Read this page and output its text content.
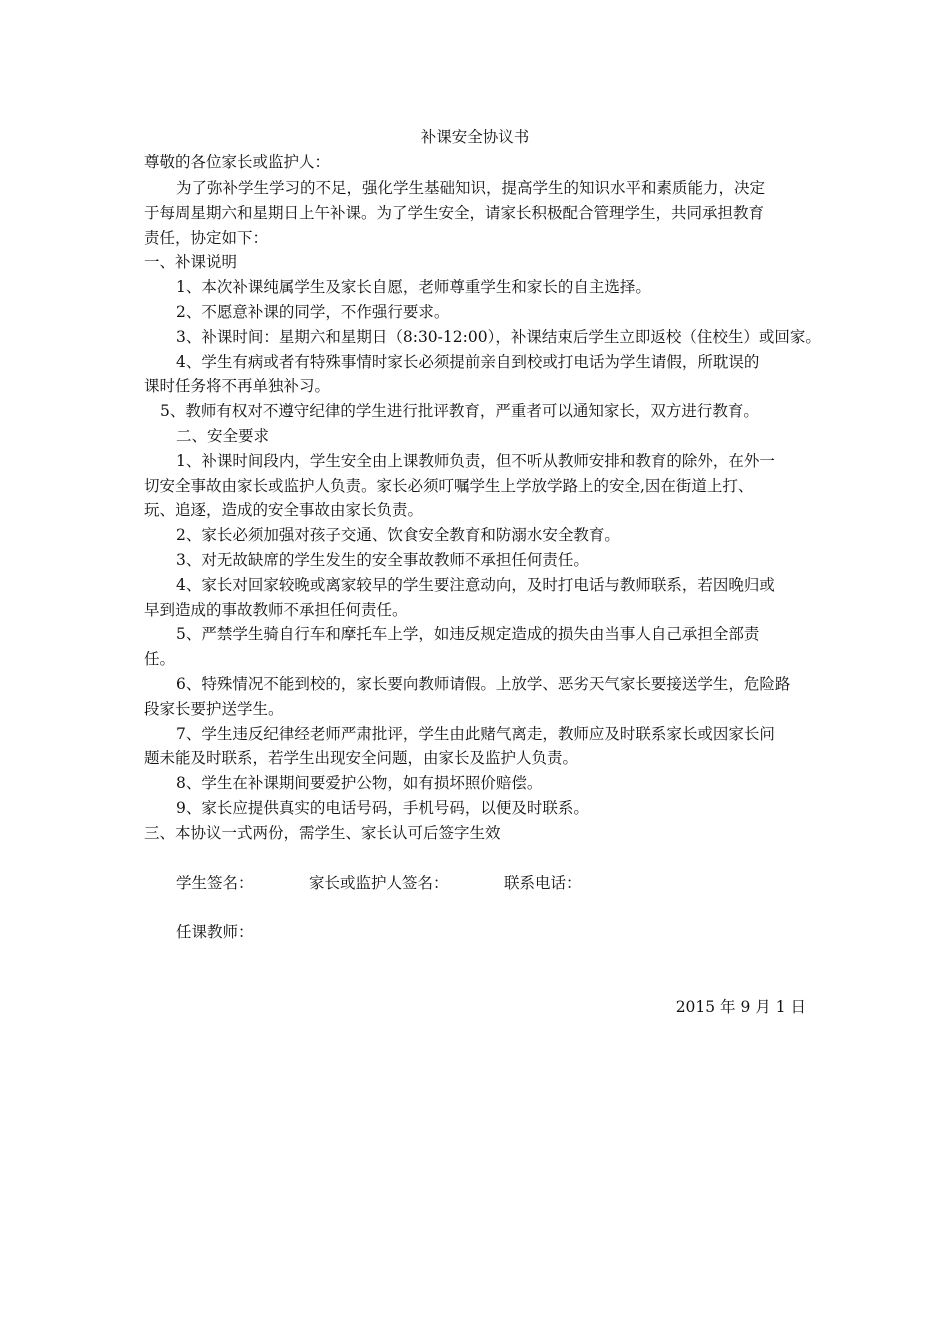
补课安全协议书
尊敬的各位家长或监护人：
为了弥补学生学习的不足，强化学生基础知识，提高学生的知识水平和素质能力，决定
于每周星期六和星期日上午补课。为了学生安全，请家长积极配合管理学生，共同承担教育
责任，协定如下：
一、补课说明
1、本次补课纯属学生及家长自愿，老师尊重学生和家长的自主选择。
2、不愿意补课的同学，不作强行要求。
3、补课时间：星期六和星期日（8:30-12:00），补课结束后学生立即返校（住校生）或回家。
4、学生有病或者有特殊事情时家长必须提前亲自到校或打电话为学生请假，所耽误的
课时任务将不再单独补习。
5、教师有权对不遵守纪律的学生进行批评教育，严重者可以通知家长，双方进行教育。
二、安全要求
1、补课时间段内，学生安全由上课教师负责，但不听从教师安排和教育的除外，在外一
切安全事故由家长或监护人负责。家长必须叮嘱学生上学放学路上的安全,因在街道上打、
玩、追逐，造成的安全事故由家长负责。
2、家长必须加强对孩子交通、饮食安全教育和防溺水安全教育。
3、对无故缺席的学生发生的安全事故教师不承担任何责任。
4、家长对回家较晚或离家较早的学生要注意动向，及时打电话与教师联系，若因晚归或
早到造成的事故教师不承担任何责任。
5、严禁学生骑自行车和摩托车上学，如违反规定造成的损失由当事人自己承担全部责
任。
6、特殊情况不能到校的，家长要向教师请假。上放学、恶劣天气家长要接送学生，危险路
段家长要护送学生。
7、学生违反纪律经老师严肃批评，学生由此赌气离走，教师应及时联系家长或因家长问
题未能及时联系，若学生出现安全问题，由家长及监护人负责。
8、学生在补课期间要爱护公物，如有损坏照价赔偿。
9、家长应提供真实的电话号码，手机号码，以便及时联系。
三、本协议一式两份，需学生、家长认可后签字生效
学生签名：	家长或监护人签名：	联系电话：
任课教师：
2015 年 9 月 1 日
